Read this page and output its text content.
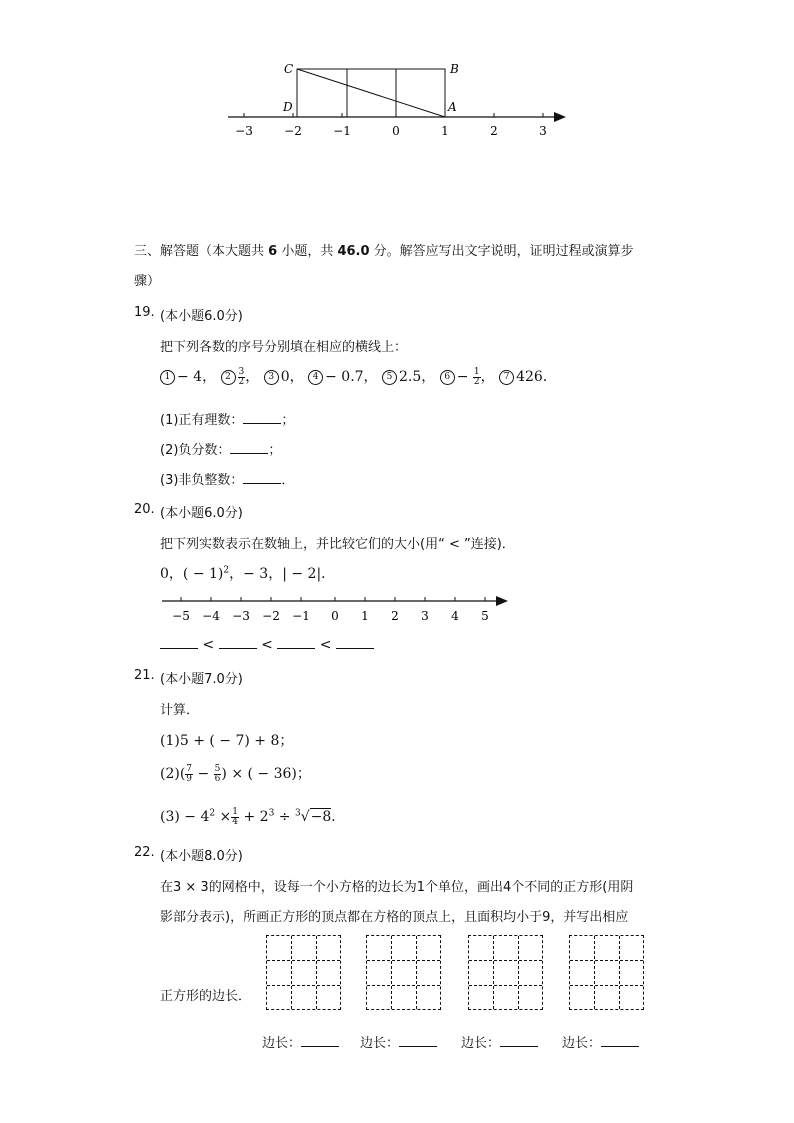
−3	−2	−1	0	1	2	3
C	B
D	A
三、解答题（本大题共 6 小题，共 46.0 分。解答应写出文字说明，证明过程或演算步
骤）
19. (本小题6.0分)
把下列各数的序号分别填在相应的横线上：
1 − 4， $2 \frac{3}{2}$ ， 3 0， 4 − 0.7， 5 2.5， $6 - \frac{1}{2}$ ， 7 426．
(1)正有理数：	；
(2)负分数：	；
(3)非负整数：	．
20. (本小题6.0分)
把下列实数表示在数轴上，并比较它们的大小(用“ < ”连接)．
0，( − 1)$^2$，− 3，| − 2|．
−5 −4 −3 −2 −1 0 1 2 3 4 5
<	<	<
21. (本小题7.0分)
计算．
(1)5 + ( − 7) + 8；
$(2)( \frac{7}{9} - \frac{5}{6}$ ) × ( − 36)；
$(3) - 4^2 \times \frac{1}{4} + 2^3 \div ^3√-8$．
22. (本小题8.0分)
在3 × 3的网格中，设每一个小方格的边长为1个单位，画出4个不同的正方形(用阴
影部分表示)，所画正方形的顶点都在方格的顶点上，且面积均小于9，并写出相应
正方形的边长．
边长：	边长：	边长：	边长：
